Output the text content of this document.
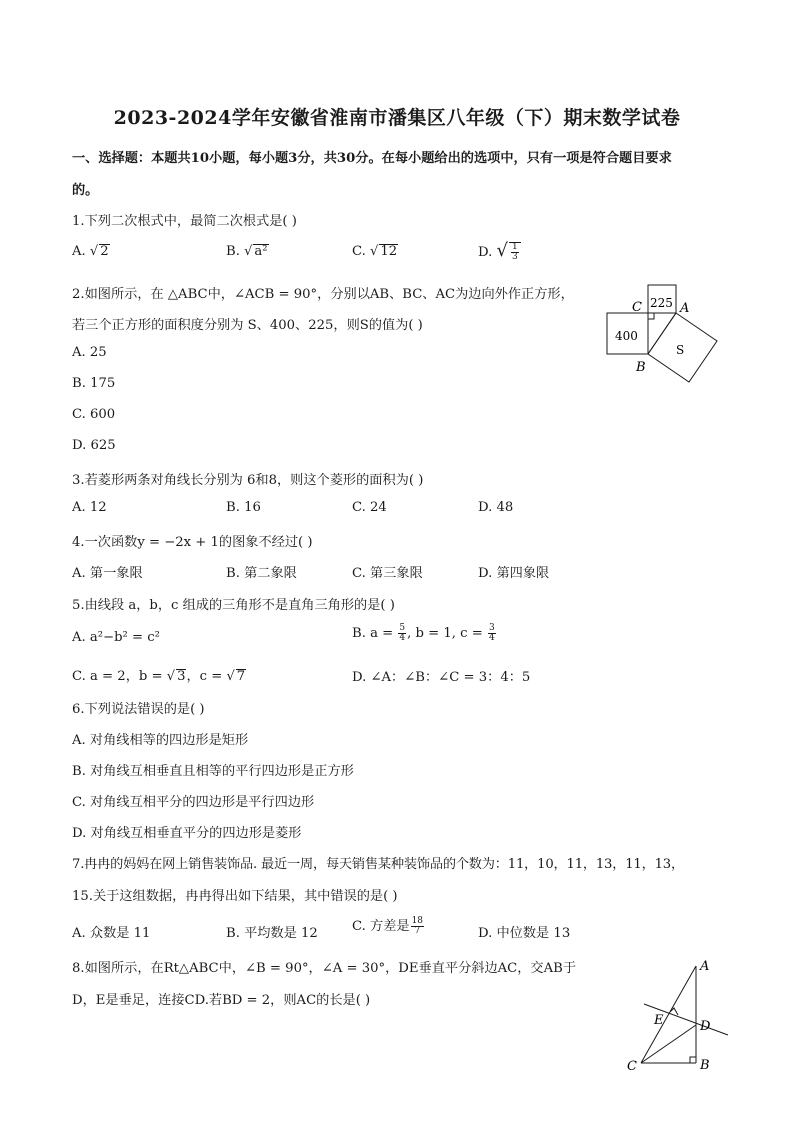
2023-2024学年安徽省淮南市潘集区八年级（下）期末数学试卷
一、选择题：本题共10小题，每小题3分，共30分。在每小题给出的选项中，只有一项是符合题目要求
的。
1.下列二次根式中，最简二次根式是( )
A. √ 2	B. √ a²	C. √ 12	D. √ $\frac{1}{3}$
2.如图所示，在 △ABC中，∠ACB = 90°，分别以AB、BC、AC为边向外作正方形，
若三个正方形的面积度分别为 S、400、225，则S的值为( )
A. 25
B. 175
C. 600
D. 625
C	A
B
225
400
S
3.若菱形两条对角线长分别为 6和8，则这个菱形的面积为( )
A. 12	B. 16	C. 24	D. 48
4.一次函数y = −2x + 1的图象不经过( )
A. 第一象限	B. 第二象限	C. 第三象限	D. 第四象限
5.由线段 a，b，c 组成的三角形不是直角三角形的是( )
A. a²−b² = c²	B. $a = \frac{5}{4}$ , b = 1, $c = \frac{3}{4}$
C. a = 2，b = √ 3，c = √ 7	D. ∠A：∠B：∠C = 3：4：5
6.下列说法错误的是( )
A. 对角线相等的四边形是矩形
B. 对角线互相垂直且相等的平行四边形是正方形
C. 对角线互相平分的四边形是平行四边形
D. 对角线互相垂直平分的四边形是菱形
7.冉冉的妈妈在网上销售装饰品. 最近一周，每天销售某种装饰品的个数为：11，10，11，13，11，13，
15.关于这组数据，冉冉得出如下结果，其中错误的是( )
A. 众数是 11	B. 平均数是 12	C. 方差是 $\frac{18}{7}$	D. 中位数是 13
8.如图所示，在Rt△ABC中，∠B = 90°，∠A = 30°，DE垂直平分斜边AC，交AB于
D，E是垂足，连接CD.若BD = 2，则AC的长是( )
A
B
C
D
E
